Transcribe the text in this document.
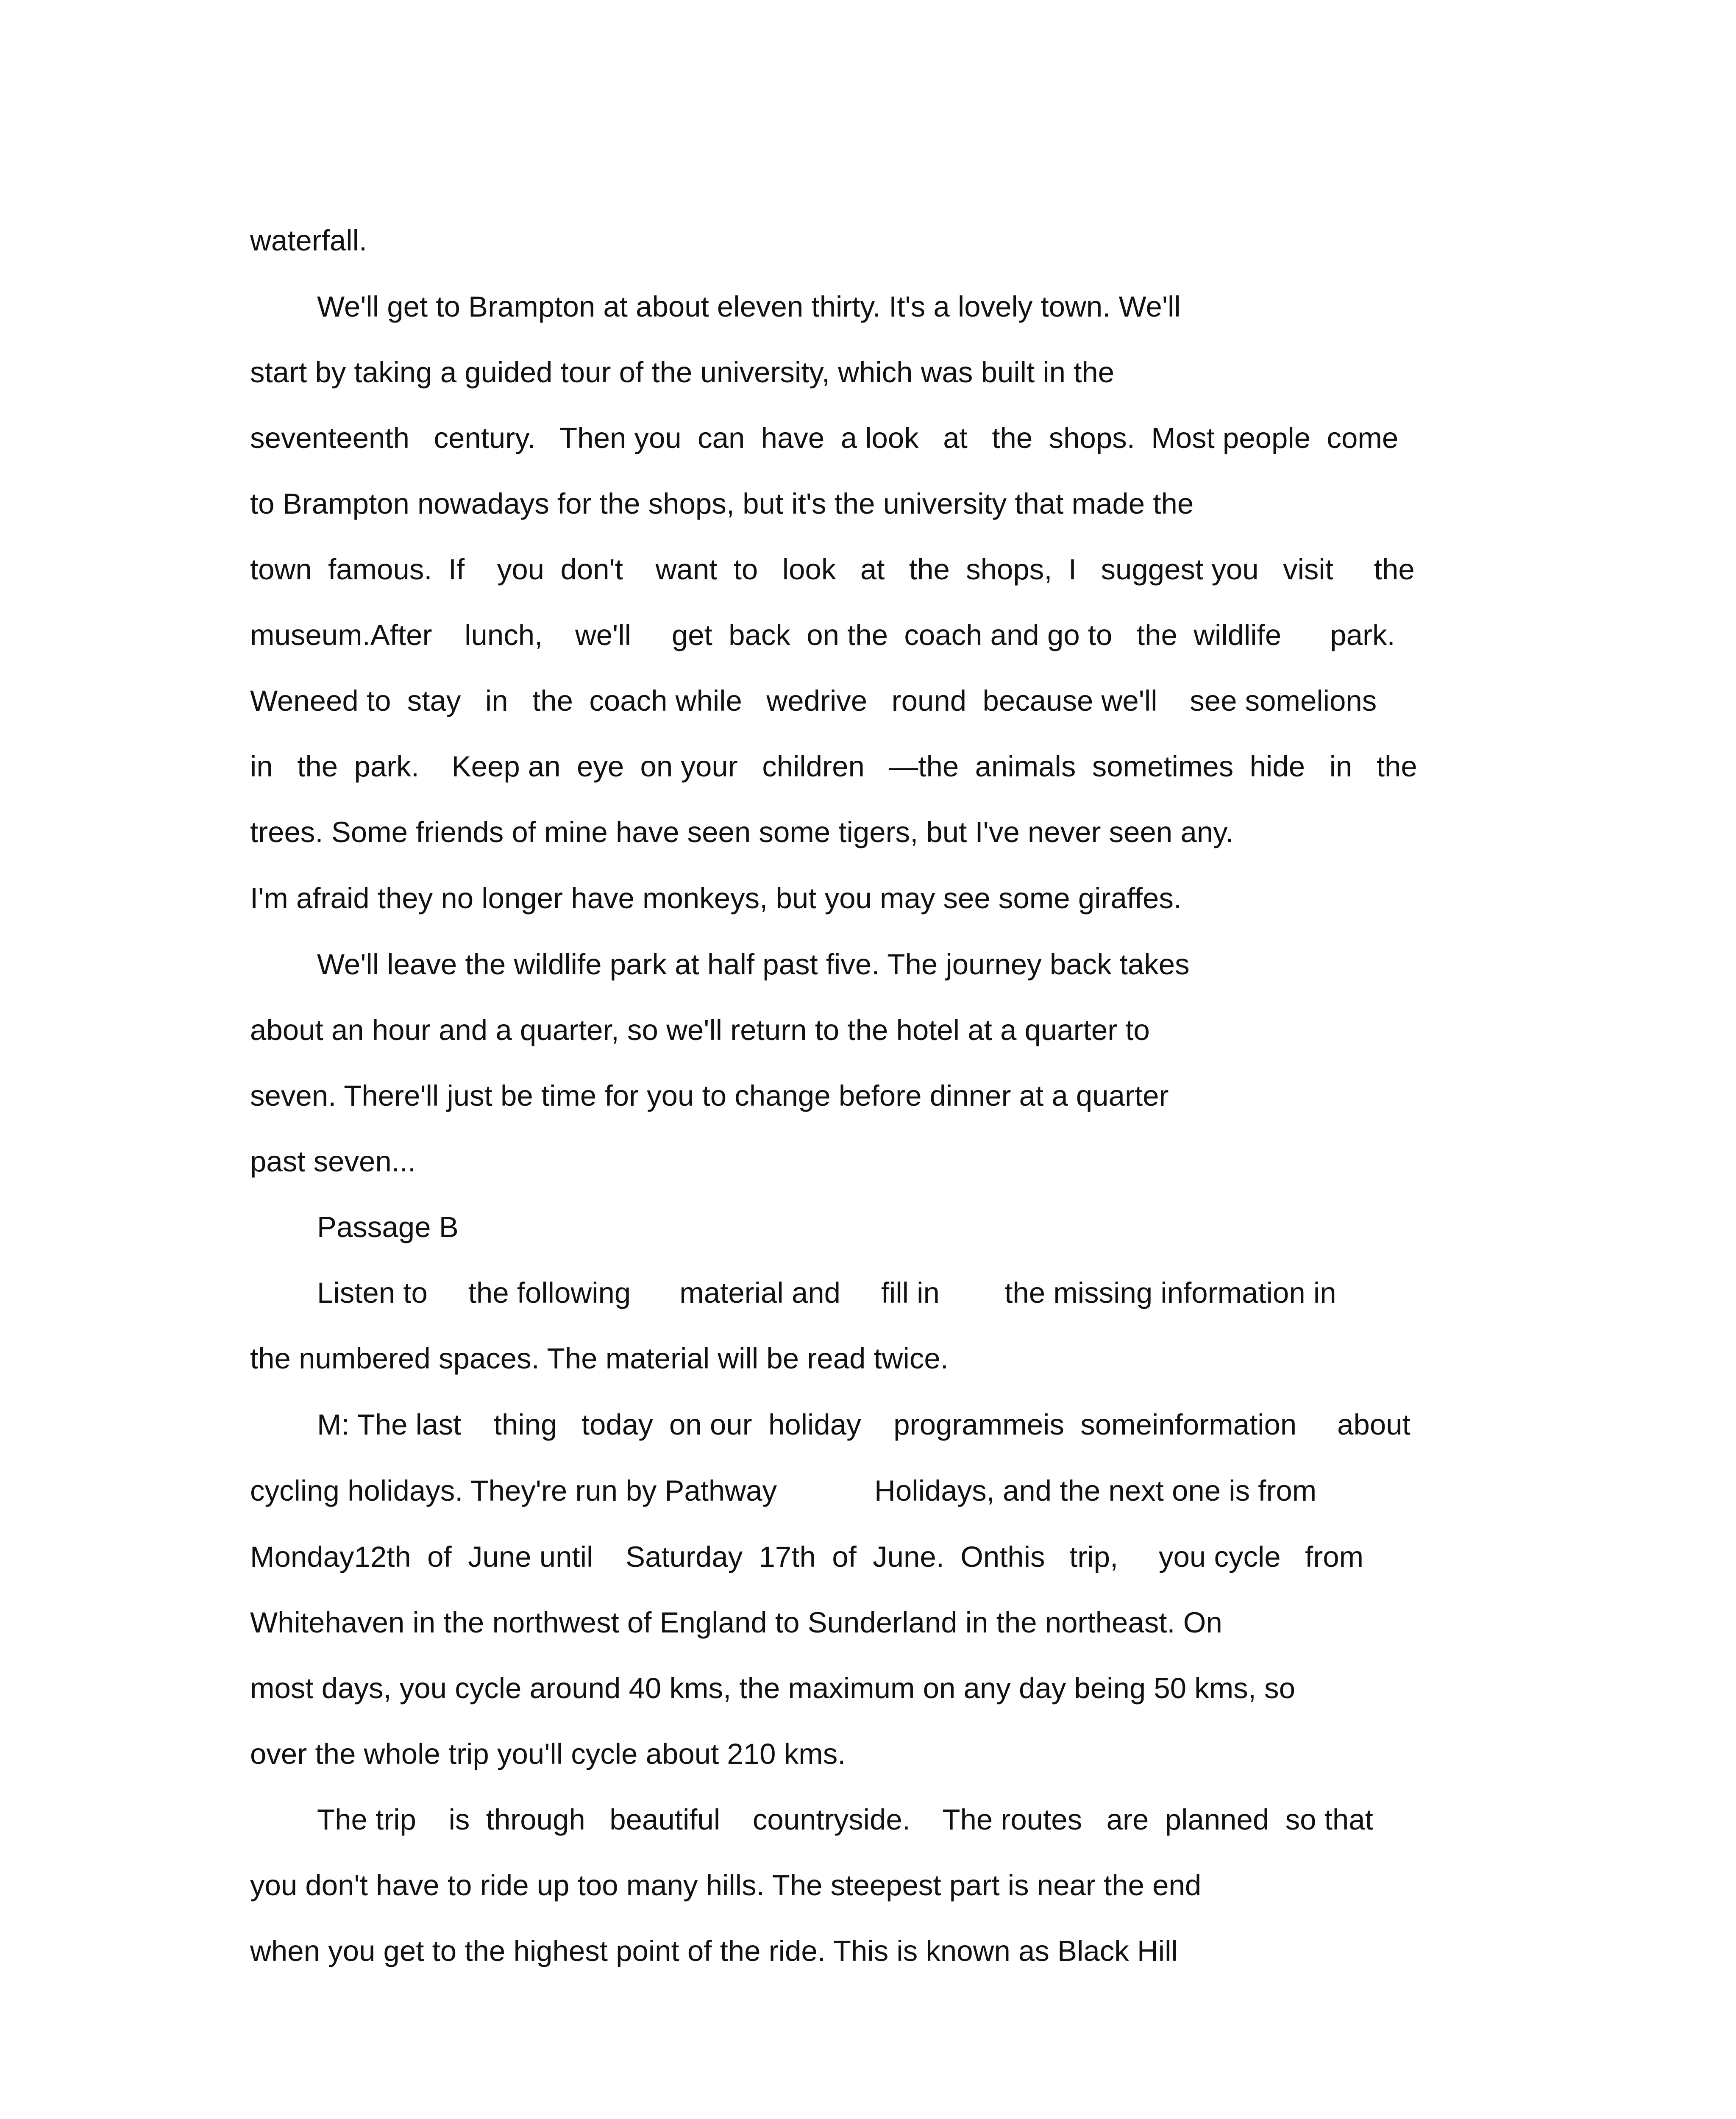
waterfall.
We'll get to Brampton at about eleven thirty. It's a lovely town. We'll
start by taking a guided tour of the university, which was built in the
seventeenth   century.   Then you  can  have  a look   at   the  shops.  Most people  come
to Brampton nowadays for the shops, but it's the university that made the
town  famous.  If    you  don't    want  to   look   at   the  shops,  I   suggest you   visit     the
museum.After    lunch,    we'll     get  back  on the  coach and go to   the  wildlife      park.
Weneed to  stay   in   the  coach while   wedrive   round  because we'll    see somelions
in   the  park.    Keep an  eye  on your   children   —the  animals  sometimes  hide   in   the
trees. Some friends of mine have seen some tigers, but I've never seen any.
I'm afraid they no longer have monkeys, but you may see some giraffes.
We'll leave the wildlife park at half past five. The journey back takes
about an hour and a quarter, so we'll return to the hotel at a quarter to
seven. There'll just be time for you to change before dinner at a quarter
past seven...
Passage B
Listen to     the following      material and     fill in        the missing information in
the numbered spaces. The material will be read twice.
M: The last    thing   today  on our  holiday    programmeis  someinformation     about
cycling holidays. They're run by Pathway            Holidays, and the next one is from
Monday12th  of  June until    Saturday  17th  of  June.  Onthis   trip,     you cycle   from
Whitehaven in the northwest of England to Sunderland in the northeast. On
most days, you cycle around 40 kms, the maximum on any day being 50 kms, so
over the whole trip you'll cycle about 210 kms.
The trip    is  through   beautiful    countryside.    The routes   are  planned  so that
you don't have to ride up too many hills. The steepest part is near the end
when you get to the highest point of the ride. This is known as Black Hill
